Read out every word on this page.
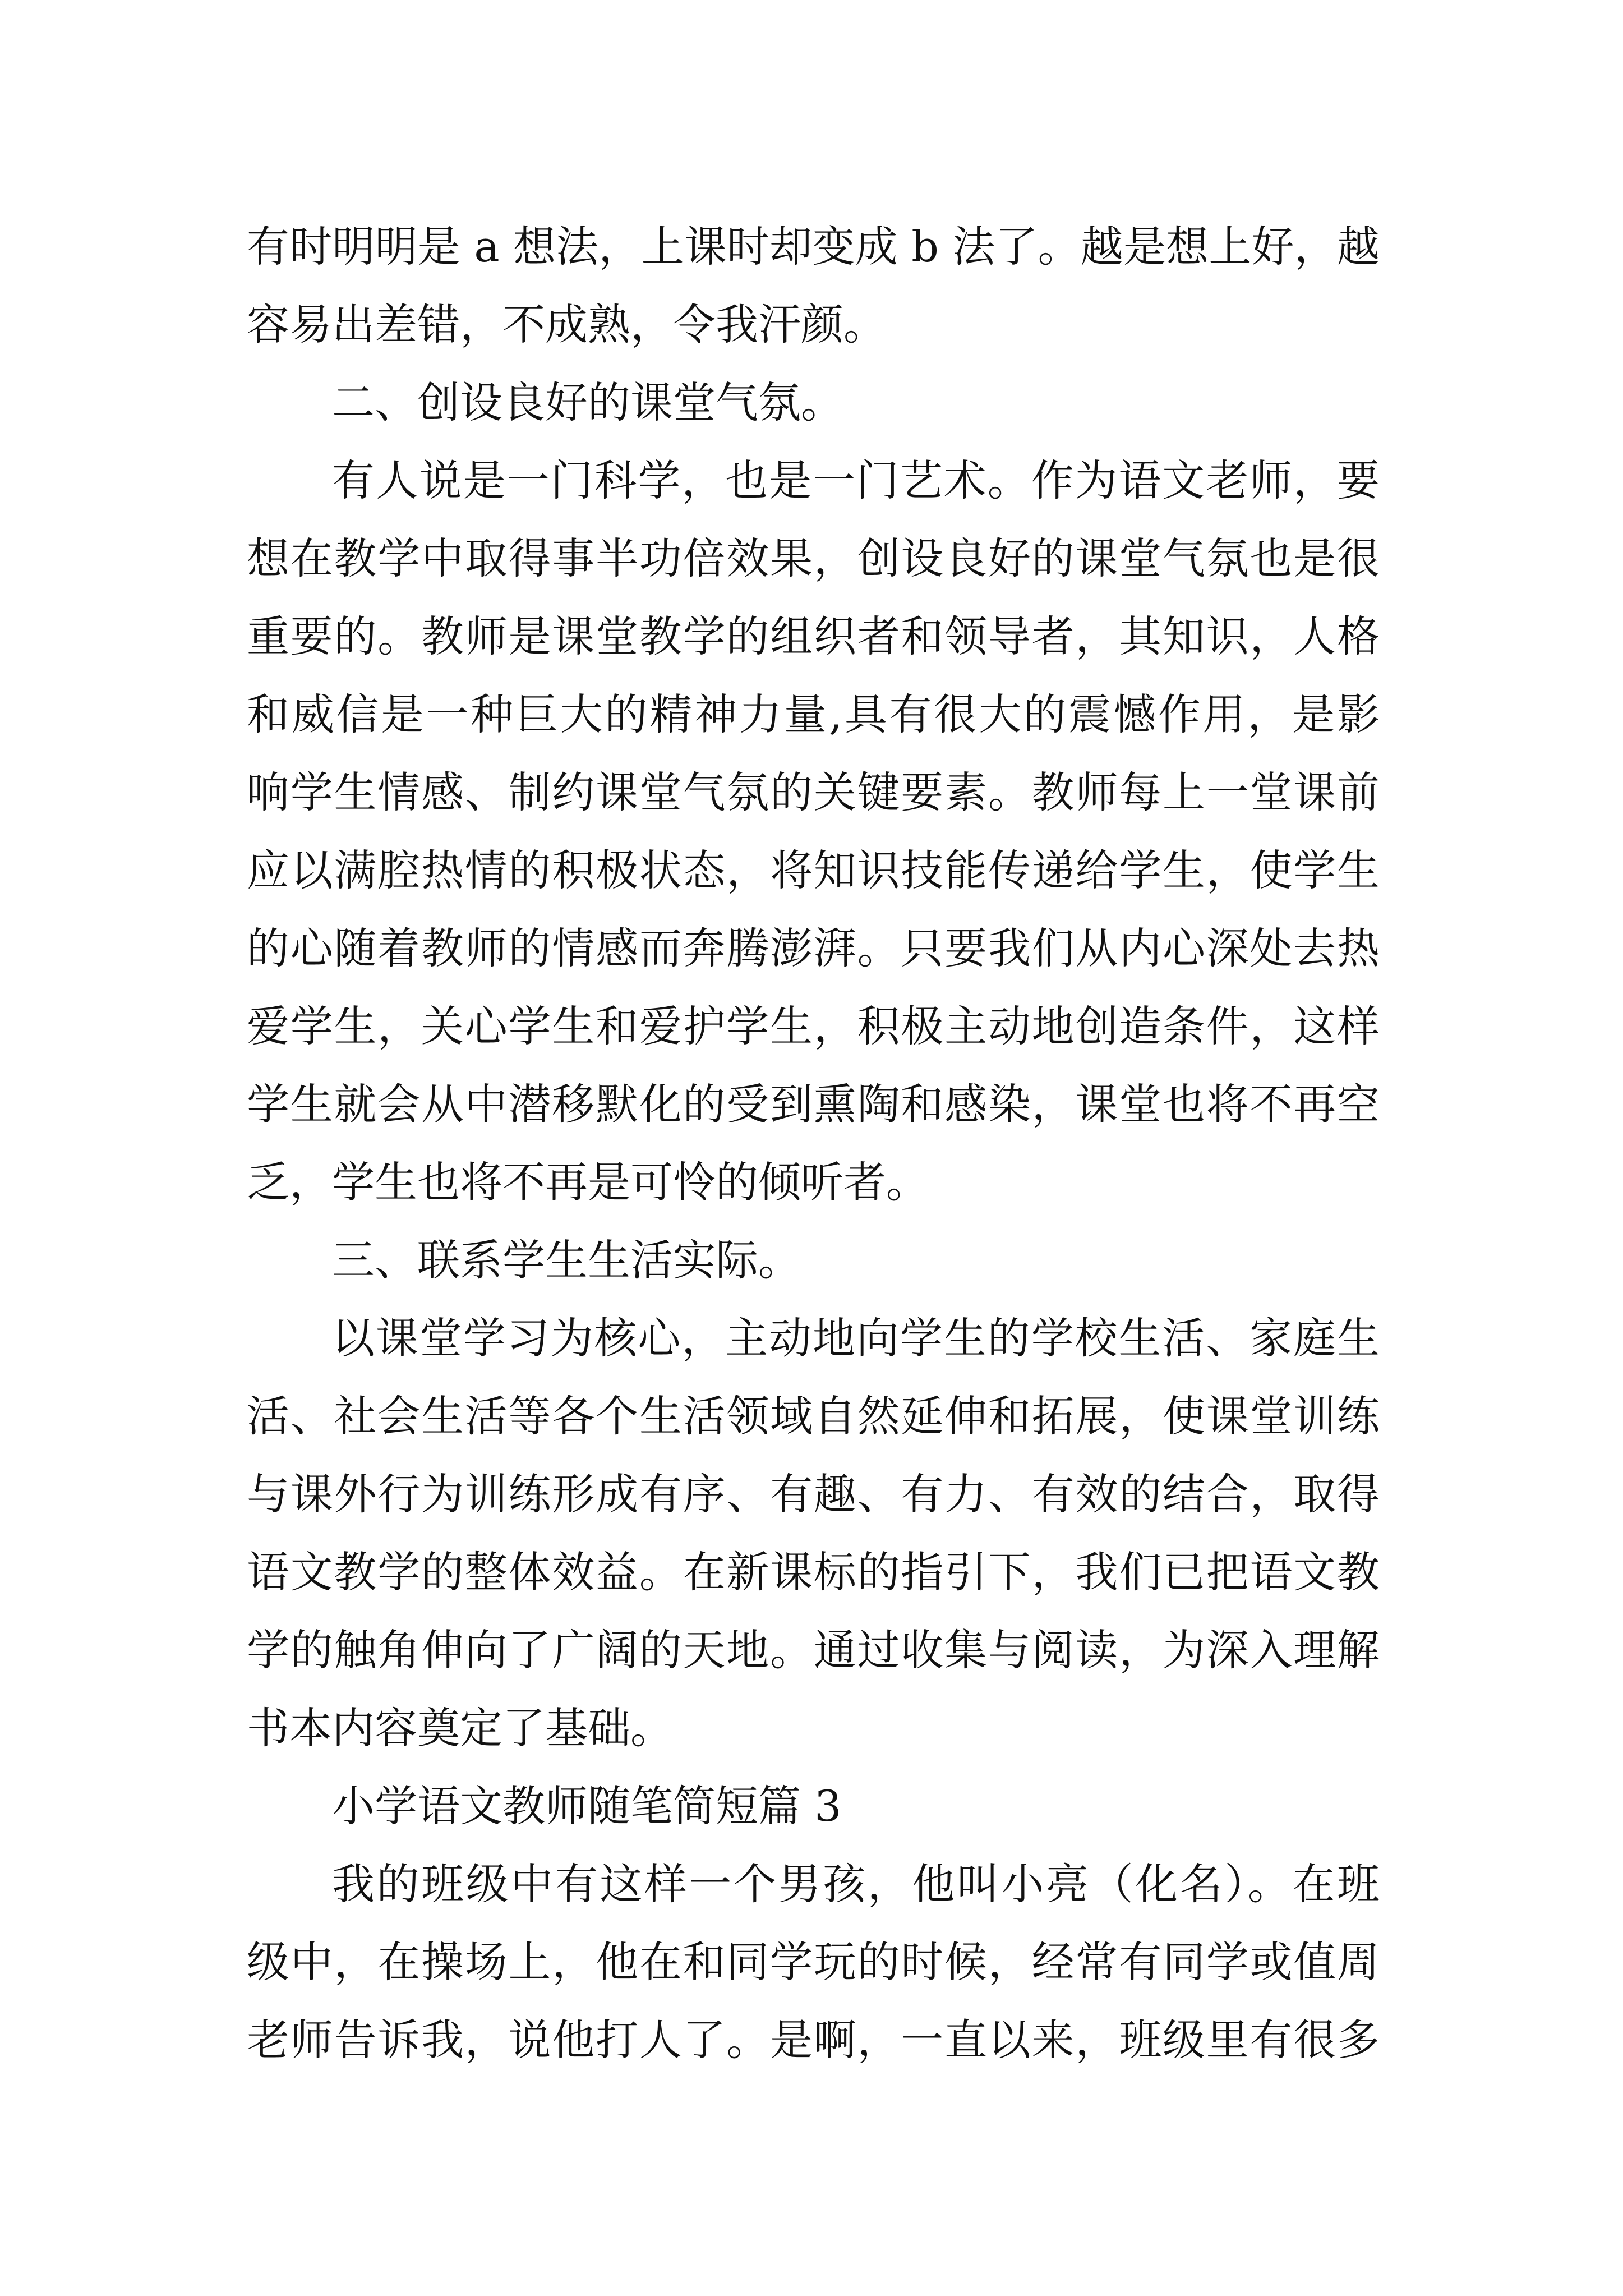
有时明明是 a 想法，上课时却变成 b 法了。越是想上好，越
容易出差错，不成熟，令我汗颜。
二、创设良好的课堂气氛。
有人说是一门科学，也是一门艺术。作为语文老师，要
想在教学中取得事半功倍效果，创设良好的课堂气氛也是很
重要的。教师是课堂教学的组织者和领导者，其知识，人格
和威信是一种巨大的精神力量,具有很大的震憾作用，是影
响学生情感、制约课堂气氛的关键要素。教师每上一堂课前
应以满腔热情的积极状态，将知识技能传递给学生，使学生
的心随着教师的情感而奔腾澎湃。只要我们从内心深处去热
爱学生，关心学生和爱护学生，积极主动地创造条件，这样
学生就会从中潜移默化的受到熏陶和感染，课堂也将不再空
乏，学生也将不再是可怜的倾听者。
三、联系学生生活实际。
以课堂学习为核心，主动地向学生的学校生活、家庭生
活、社会生活等各个生活领域自然延伸和拓展，使课堂训练
与课外行为训练形成有序、有趣、有力、有效的结合，取得
语文教学的整体效益。在新课标的指引下，我们已把语文教
学的触角伸向了广阔的天地。通过收集与阅读，为深入理解
书本内容奠定了基础。
小学语文教师随笔简短篇 3
我的班级中有这样一个男孩，他叫小亮（化名）。在班
级中，在操场上，他在和同学玩的时候，经常有同学或值周
老师告诉我，说他打人了。是啊，一直以来，班级里有很多
